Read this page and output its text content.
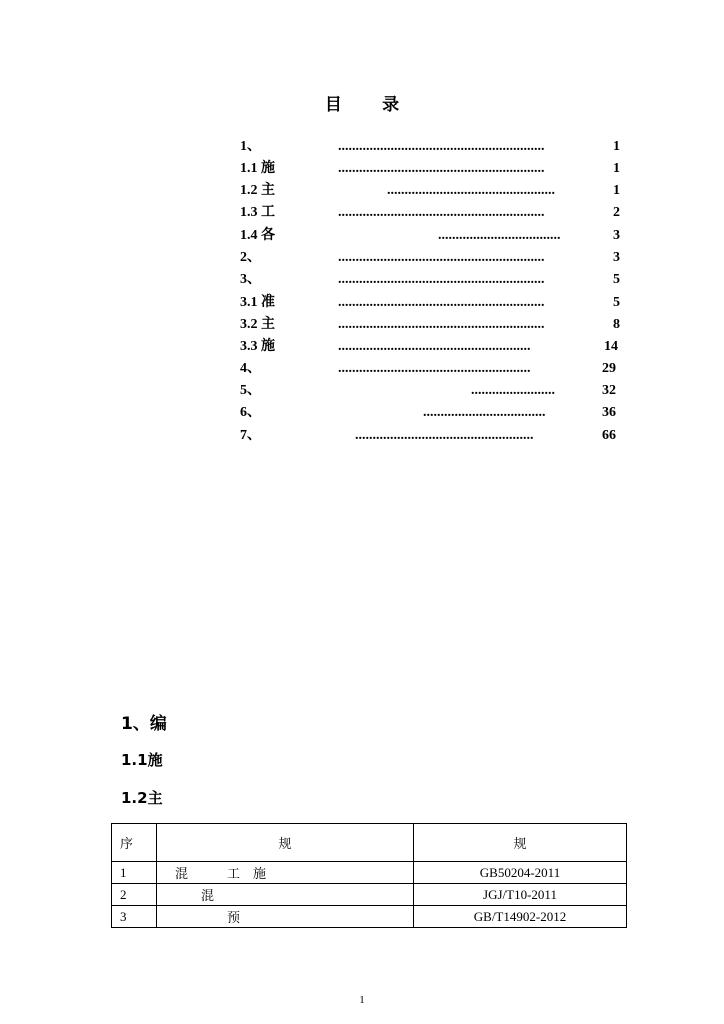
目 录
1、	...........................................................	1
1.1 施	...........................................................	1
1.2 主	................................................	1
1.3 工	...........................................................	2
1.4 各	...................................	3
2、	...........................................................	3
3、	...........................................................	5
3.1 准	...........................................................	5
3.2 主	...........................................................	8
3.3 施	.......................................................	14
4、	.......................................................	29
5、	........................	32
6、	...................................	36
7、	...................................................	66
1、编
1.1施
1.2主
序	规	规
1	混　　　工　施	GB50204-2011
2	　　混	JGJ/T10-2011
3	　　　　预	GB/T14902-2012
1
